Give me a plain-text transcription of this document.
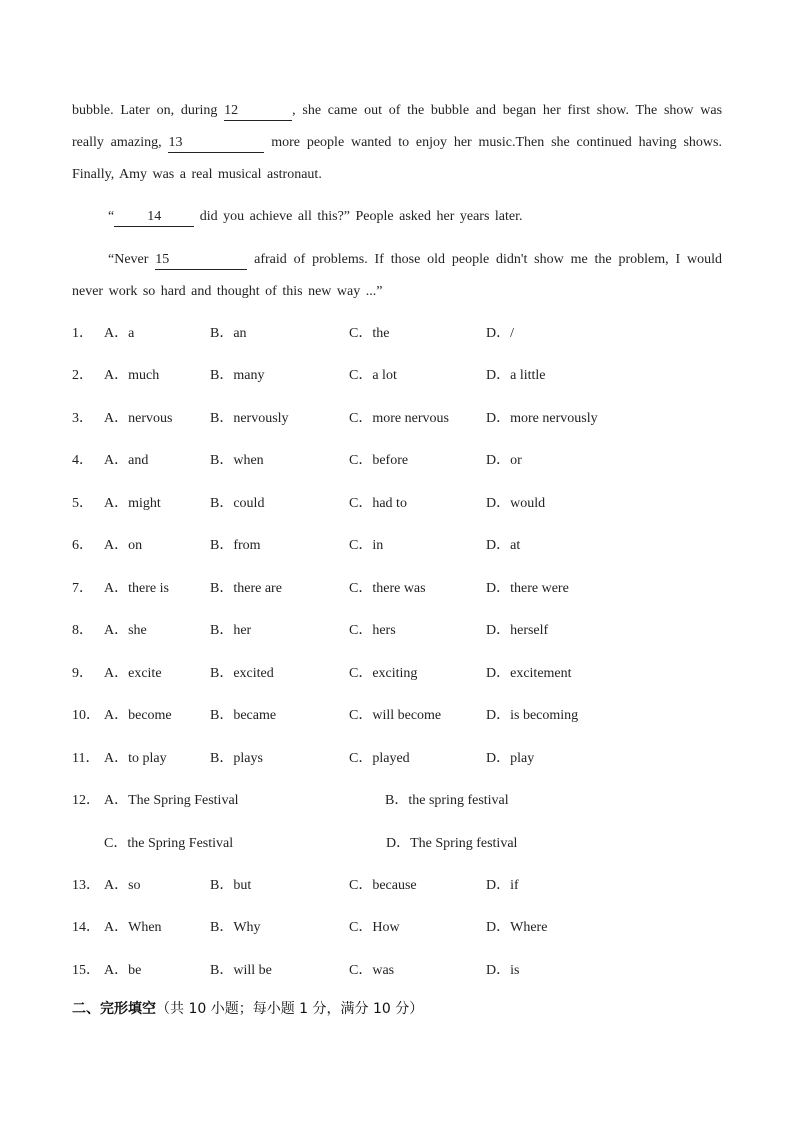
bubble. Later on, during 12	, she came out of the bubble and began her first show. The show was really amazing, 13	more people wanted to enjoy her music.Then she continued having shows. Finally, Amy was a real musical astronaut.
“ 14 did you achieve all this?” People asked her years later.
“Never 15	afraid of problems. If those old people didn't show me the problem, I would never work so hard and thought of this new way ...”
1． A．a	B．an	C．the	D．/
2． A．much	B．many	C．a lot	D．a little
3． A．nervous	B．nervously	C．more nervous	D．more nervously
4． A．and	B．when	C．before	D．or
5． A．might	B．could	C．had to	D．would
6． A．on	B．from	C．in	D．at
7． A．there is	B．there are	C．there was	D．there were
8． A．she	B．her	C．hers	D．herself
9． A．excite	B．excited	C．exciting	D．excitement
10． A．become	B．became	C．will become	D．is becoming
11． A．to play	B．plays	C．played	D．play
12． A．The Spring Festival	B．the spring festival
C．the Spring Festival	D．The Spring festival
13． A．so	B．but	C．because	D．if
14． A．When	B．Why	C．How	D．Where
15． A．be	B．will be	C．was	D．is
二、完形填空（共 10 小题；每小题 1 分，满分 10 分）
